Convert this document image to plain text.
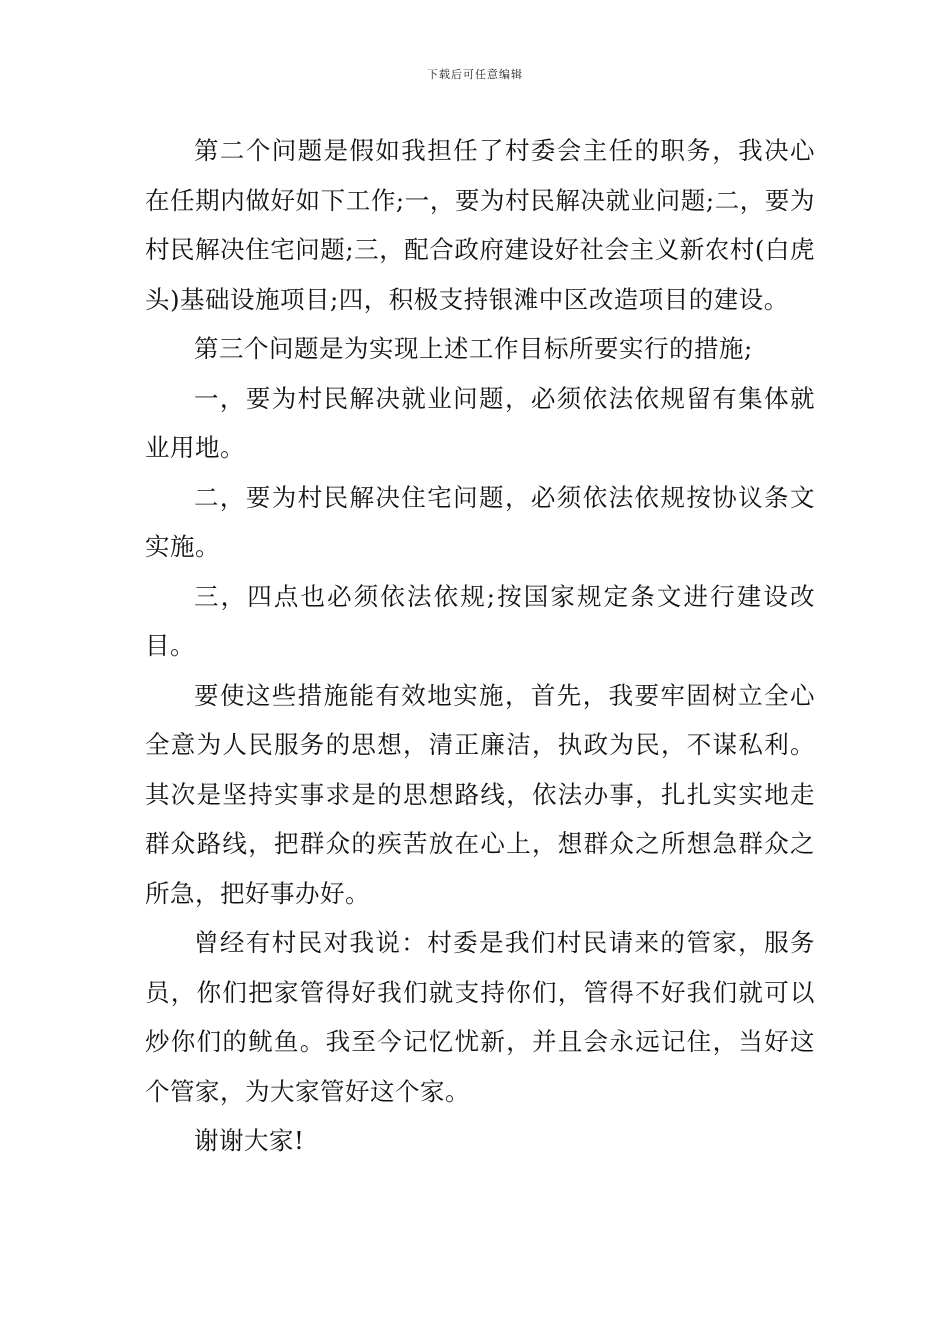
下载后可任意编辑

第二个问题是假如我担任了村委会主任的职务，我决心在任期内做好如下工作;一，要为村民解决就业问题;二，要为村民解决住宅问题;三，配合政府建设好社会主义新农村(白虎头)基础设施项目;四，积极支持银滩中区改造项目的建设。

第三个问题是为实现上述工作目标所要实行的措施;

一，要为村民解决就业问题，必须依法依规留有集体就业用地。

二，要为村民解决住宅问题，必须依法依规按协议条文实施。

三，四点也必须依法依规;按国家规定条文进行建设改目。

要使这些措施能有效地实施，首先，我要牢固树立全心全意为人民服务的思想，清正廉洁，执政为民，不谋私利。其次是坚持实事求是的思想路线，依法办事，扎扎实实地走群众路线，把群众的疾苦放在心上，想群众之所想急群众之所急，把好事办好。

曾经有村民对我说：村委是我们村民请来的管家，服务员，你们把家管得好我们就支持你们，管得不好我们就可以炒你们的鱿鱼。我至今记忆忧新，并且会永远记住，当好这个管家，为大家管好这个家。

谢谢大家!
